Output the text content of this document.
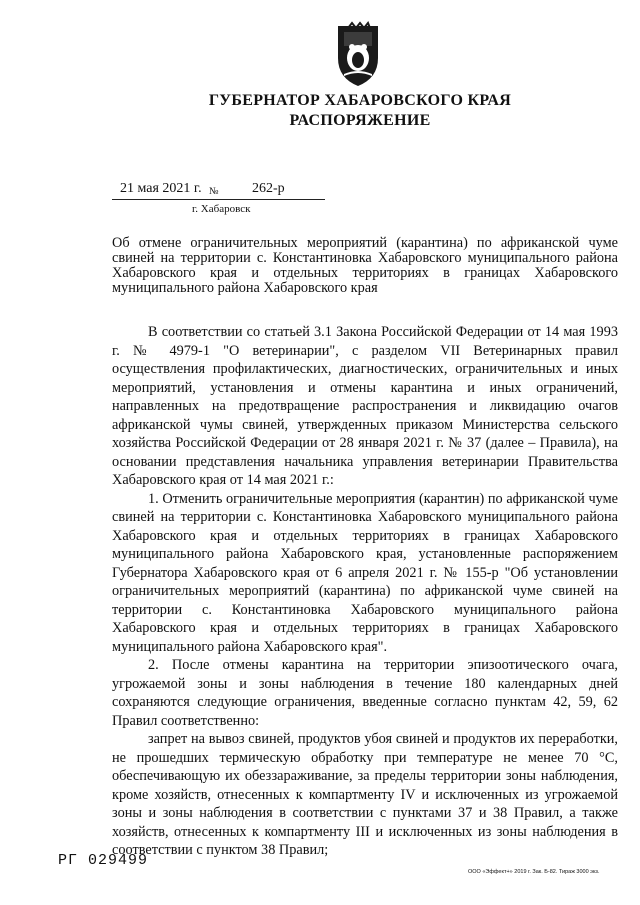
ГУБЕРНАТОР ХАБАРОВСКОГО КРАЯ
РАСПОРЯЖЕНИЕ
21 мая 2021 г. № 262-р
г. Хабаровск
Об отмене ограничительных мероприятий (карантина) по африканской чуме свиней на территории с. Константиновка Хабаровского муниципального района Хабаровского края и отдельных территориях в границах Хабаровского муниципального района Хабаровского края

В соответствии со статьей 3.1 Закона Российской Федерации от 14 мая 1993 г. № 4979-1 "О ветеринарии", с разделом VII Ветеринарных правил осуществления профилактических, диагностических, ограничительных и иных мероприятий, установления и отмены карантина и иных ограничений, направленных на предотвращение распространения и ликвидацию очагов африканской чумы свиней, утвержденных приказом Министерства сельского хозяйства Российской Федерации от 28 января 2021 г. № 37 (далее – Правила), на основании представления начальника управления ветеринарии Правительства Хабаровского края от 14 мая 2021 г.:

1. Отменить ограничительные мероприятия (карантин) по африканской чуме свиней на территории с. Константиновка Хабаровского муниципального района Хабаровского края и отдельных территориях в границах Хабаровского муниципального района Хабаровского края, установленные распоряжением Губернатора Хабаровского края от 6 апреля 2021 г. № 155-р "Об установлении ограничительных мероприятий (карантина) по африканской чуме свиней на территории с. Константиновка Хабаровского муниципального района Хабаровского края и отдельных территориях в границах Хабаровского муниципального района Хабаровского края".

2. После отмены карантина на территории эпизоотического очага, угрожаемой зоны и зоны наблюдения в течение 180 календарных дней сохраняются следующие ограничения, введенные согласно пунктам 42, 59, 62 Правил соответственно:

запрет на вывоз свиней, продуктов убоя свиней и продуктов их переработки, не прошедших термическую обработку при температуре не менее 70 °С, обеспечивающую их обеззараживание, за пределы территории зоны наблюдения, кроме хозяйств, отнесенных к компартменту IV и исключенных из угрожаемой зоны и зоны наблюдения в соответствии с пунктами 37 и 38 Правил, а также хозяйств, отнесенных к компартменту III и исключенных из зоны наблюдения в соответствии с пунктом 38 Правил;

РГ 029499
ООО «Эффект+» 2019 г. Зак. Б-82. Тираж 3000 экз.
